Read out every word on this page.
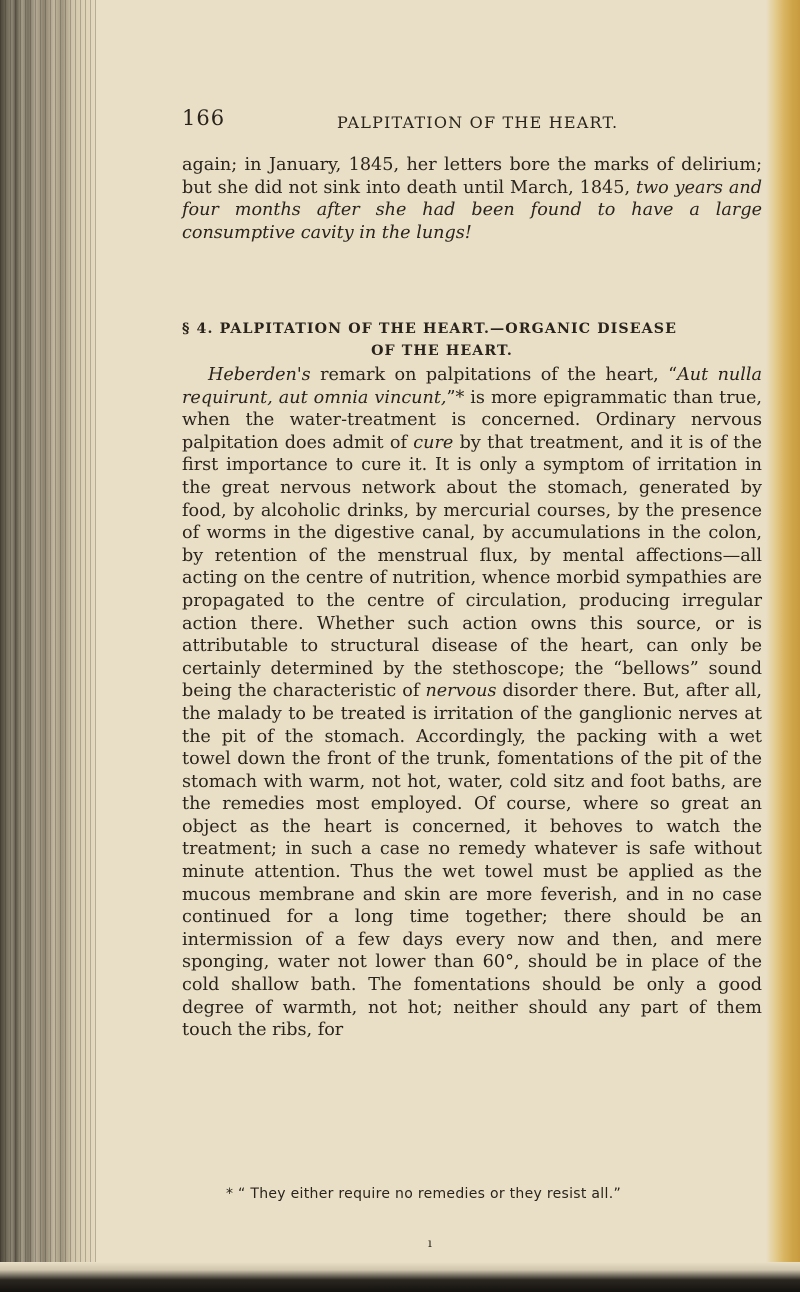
166	PALPITATION OF THE HEART.

again; in January, 1845, her letters bore the marks of delirium; but she did not sink into death until March, 1845, two years and four months after she had been found to have a large consumptive cavity in the lungs!

§ 4. PALPITATION OF THE HEART.—ORGANIC DISEASE
OF THE HEART.

Heberden's remark on palpitations of the heart, “Aut nulla requirunt, aut omnia vincunt,”* is more epigrammatic than true, when the water-treatment is concerned. Ordinary nervous palpitation does admit of cure by that treatment, and it is of the first importance to cure it. It is only a symptom of irritation in the great nervous network about the stomach, generated by food, by alcoholic drinks, by mercurial courses, by the presence of worms in the digestive canal, by accumulations in the colon, by retention of the menstrual flux, by mental affections—all acting on the centre of nutrition, whence morbid sympathies are propagated to the centre of circulation, producing irregular action there. Whether such action owns this source, or is attributable to structural disease of the heart, can only be certainly determined by the stethoscope; the “bellows” sound being the characteristic of nervous disorder there. But, after all, the malady to be treated is irritation of the ganglionic nerves at the pit of the stomach. Accordingly, the packing with a wet towel down the front of the trunk, fomentations of the pit of the stomach with warm, not hot, water, cold sitz and foot baths, are the remedies most employed. Of course, where so great an object as the heart is concerned, it behoves to watch the treatment; in such a case no remedy whatever is safe without minute attention. Thus the wet towel must be applied as the mucous membrane and skin are more feverish, and in no case continued for a long time together; there should be an intermission of a few days every now and then, and mere sponging, water not lower than 60°, should be in place of the cold shallow bath. The fomentations should be only a good degree of warmth, not hot; neither should any part of them touch the ribs, for

* “ They either require no remedies or they resist all.”
ı
